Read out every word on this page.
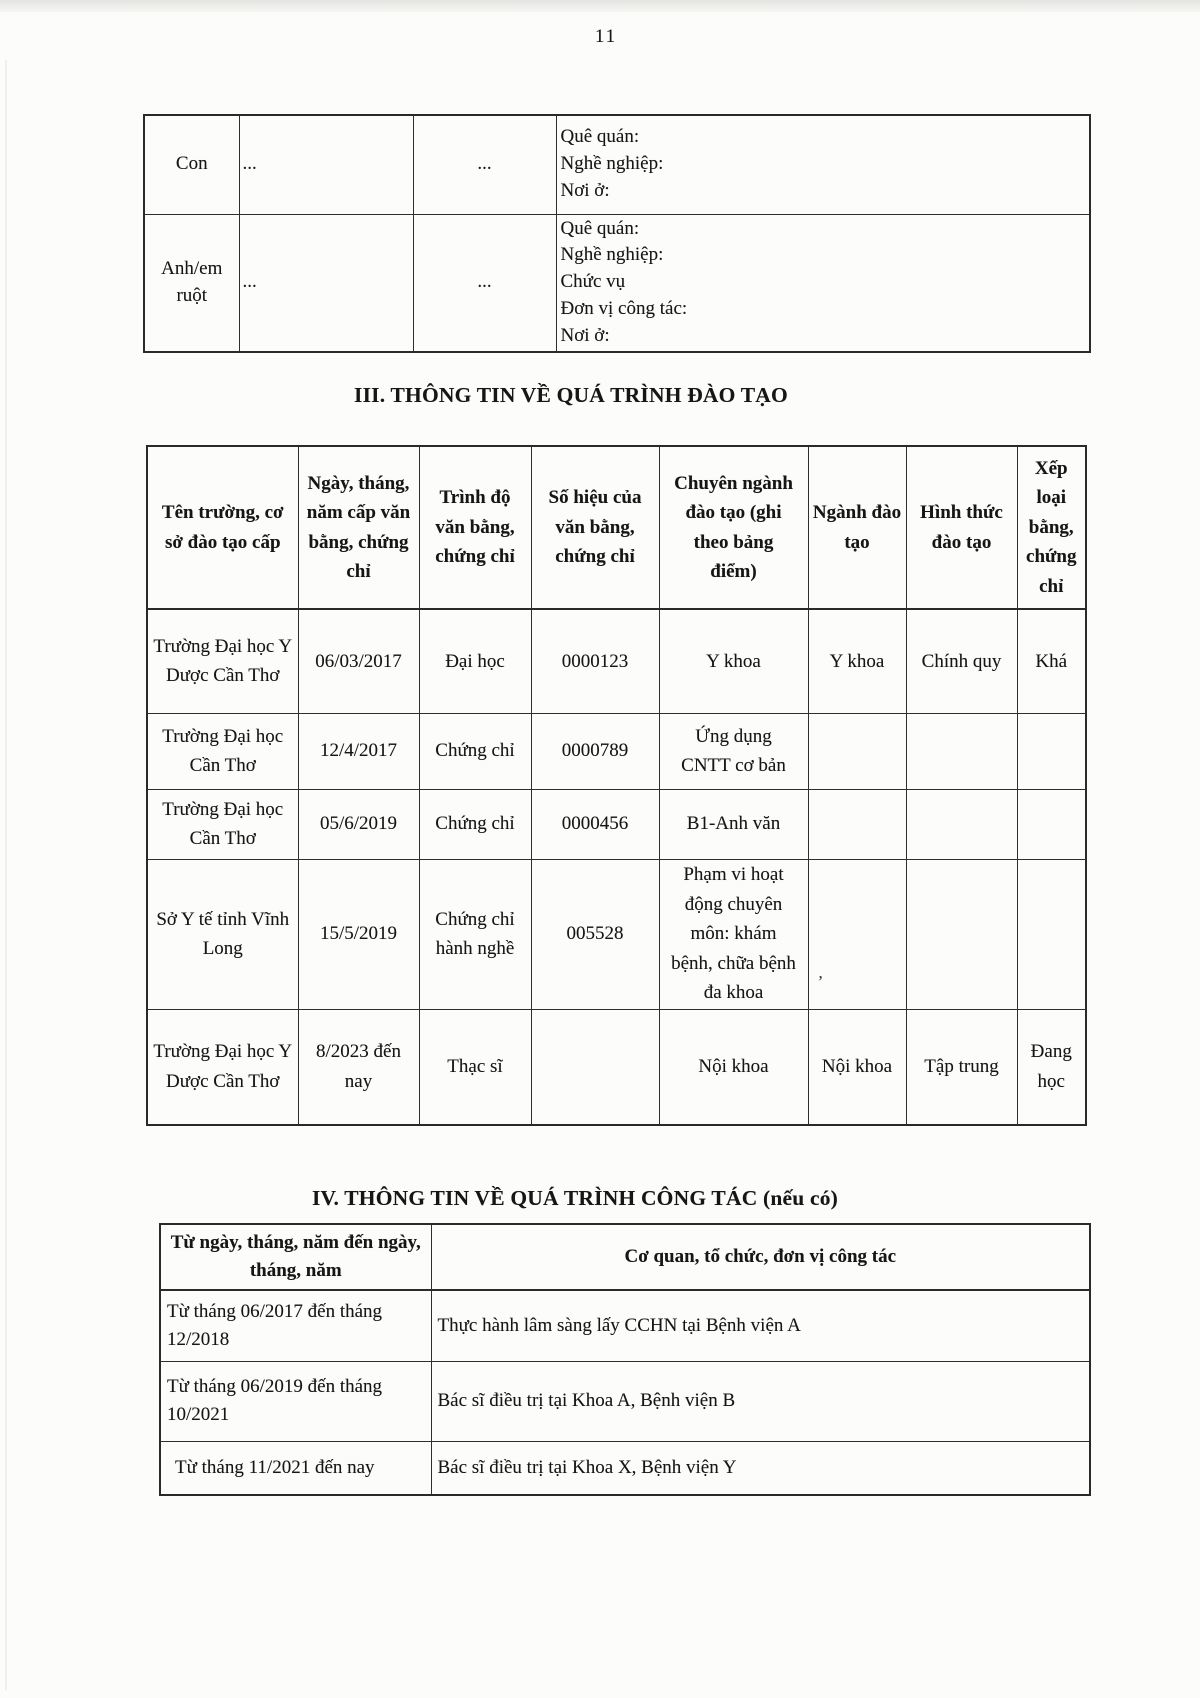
11
Con	...	...	Quê quán:
Nghề nghiệp:
Nơi ở:

Anh/em ruột	...	...	Quê quán:
Nghề nghiệp:
Chức vụ
Đơn vị công tác:
Nơi ở:
III. THÔNG TIN VỀ QUÁ TRÌNH ĐÀO TẠO
Tên trường, cơ sở đào tạo cấp	Ngày, tháng, năm cấp văn bằng, chứng chỉ	Trình độ văn bằng, chứng chỉ	Số hiệu của văn bằng, chứng chỉ	Chuyên ngành đào tạo (ghi theo bảng điểm)	Ngành đào tạo	Hình thức đào tạo	Xếp loại bằng, chứng chỉ
Trường Đại học Y Dược Cần Thơ	06/03/2017	Đại học	0000123	Y khoa	Y khoa	Chính quy	Khá
Trường Đại học Cần Thơ	12/4/2017	Chứng chỉ	0000789	Ứng dụng CNTT cơ bản			
Trường Đại học Cần Thơ	05/6/2019	Chứng chỉ	0000456	B1-Anh văn			
Sở Y tế tỉnh Vĩnh Long	15/5/2019	Chứng chỉ hành nghề	005528	Phạm vi hoạt động chuyên môn: khám bệnh, chữa bệnh đa khoa	,		

Trường Đại học Y Dược Cần Thơ	8/2023 đến nay	Thạc sĩ		Nội khoa	Nội khoa	Tập trung	Đang học
IV. THÔNG TIN VỀ QUÁ TRÌNH CÔNG TÁC (nếu có)
Từ ngày, tháng, năm đến ngày, tháng, năm	Cơ quan, tổ chức, đơn vị công tác
Từ tháng 06/2017 đến tháng 12/2018	Thực hành lâm sàng lấy CCHN tại Bệnh viện A
Từ tháng 06/2019 đến tháng 10/2021	Bác sĩ điều trị tại Khoa A, Bệnh viện B
Từ tháng 11/2021 đến nay	Bác sĩ điều trị tại Khoa X, Bệnh viện Y
